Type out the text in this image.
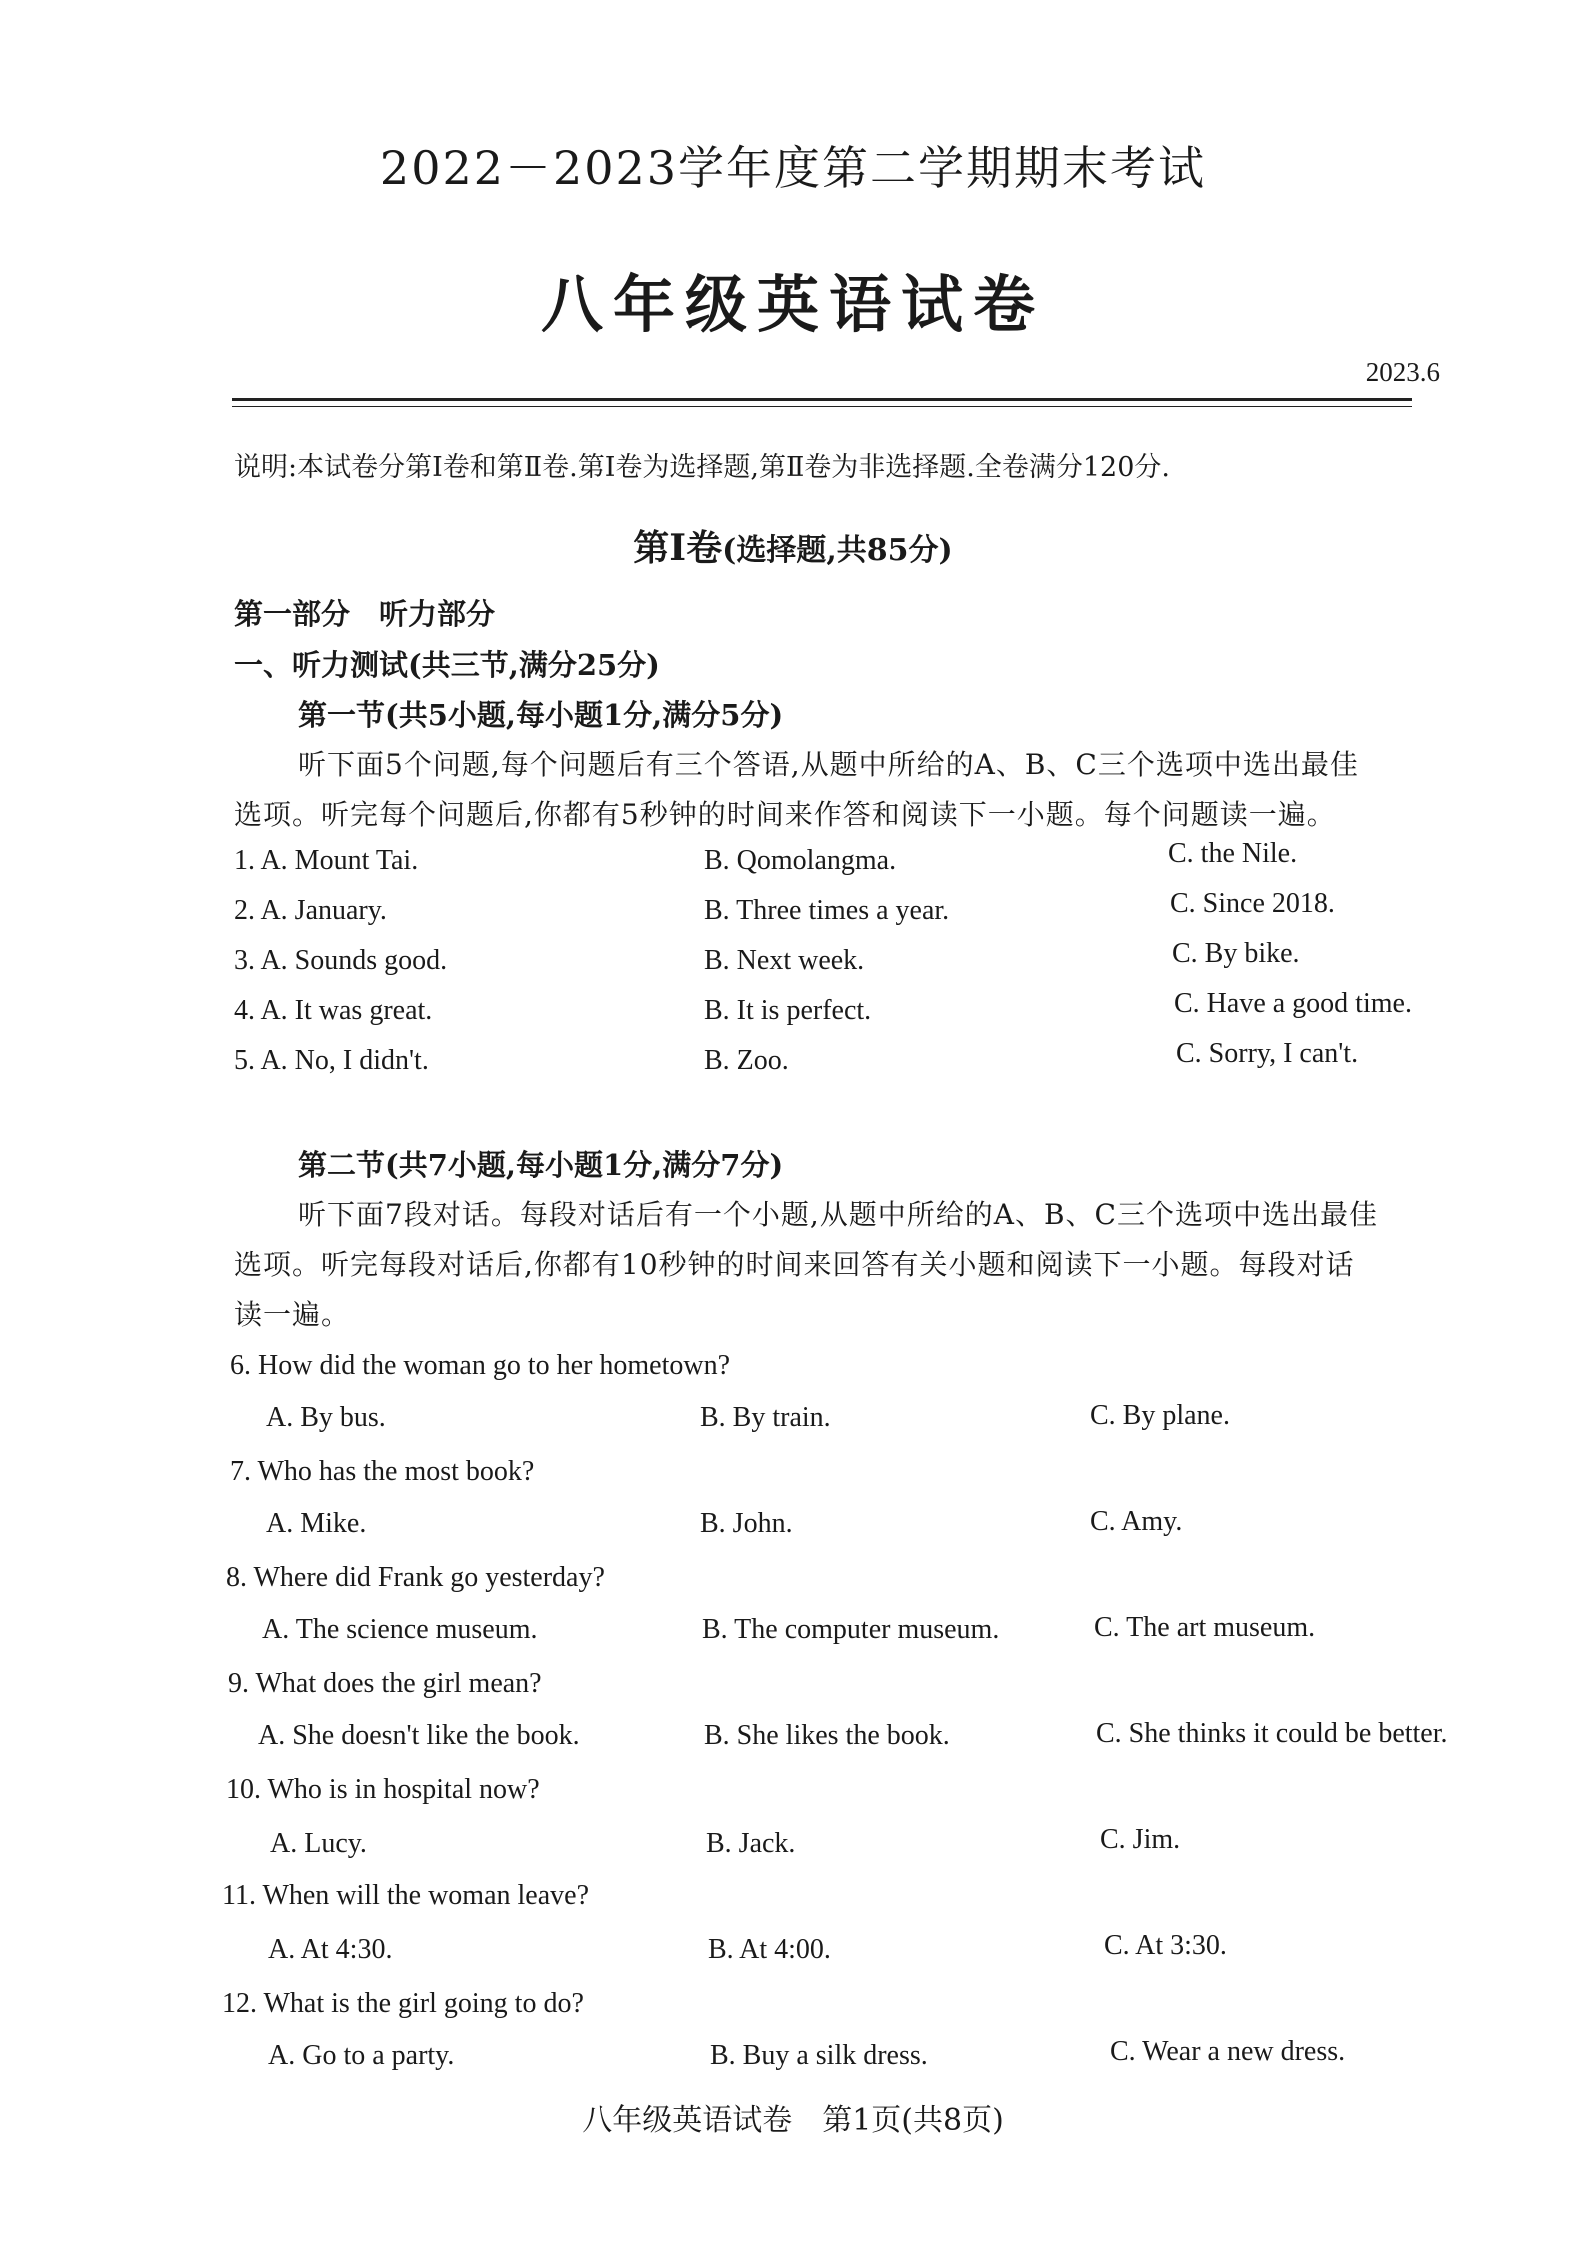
2022－2023学年度第二学期期末考试
八年级英语试卷
2023.6
说明:本试卷分第Ⅰ卷和第Ⅱ卷.第Ⅰ卷为选择题,第Ⅱ卷为非选择题.全卷满分120分.
第Ⅰ卷(选择题,共85分)
第一部分　听力部分
一、听力测试(共三节,满分25分)
第一节(共5小题,每小题1分,满分5分)
听下面5个问题,每个问题后有三个答语,从题中所给的A、B、C三个选项中选出最佳
选项。听完每个问题后,你都有5秒钟的时间来作答和阅读下一小题。每个问题读一遍。
1. A. Mount Tai.	B. Qomolangma.	C. the Nile.
2. A. January.	B. Three times a year.	C. Since 2018.
3. A. Sounds good.	B. Next week.	C. By bike.
4. A. It was great.	B. It is perfect.	C. Have a good time.
5. A. No, I didn't.	B. Zoo.	C. Sorry, I can't.
第二节(共7小题,每小题1分,满分7分)
听下面7段对话。每段对话后有一个小题,从题中所给的A、B、C三个选项中选出最佳
选项。听完每段对话后,你都有10秒钟的时间来回答有关小题和阅读下一小题。每段对话
读一遍。
6. How did the woman go to her hometown?
A. By bus.	B. By train.	C. By plane.
7. Who has the most book?
A. Mike.	B. John.	C. Amy.
8. Where did Frank go yesterday?
A. The science museum.	B. The computer museum.	C. The art museum.
9. What does the girl mean?
A. She doesn't like the book.	B. She likes the book.	C. She thinks it could be better.
10. Who is in hospital now?
A. Lucy.	B. Jack.	C. Jim.
11. When will the woman leave?
A. At 4:30.	B. At 4:00.	C. At 3:30.
12. What is the girl going to do?
A. Go to a party.	B. Buy a silk dress.	C. Wear a new dress.
八年级英语试卷　第1页(共8页)
